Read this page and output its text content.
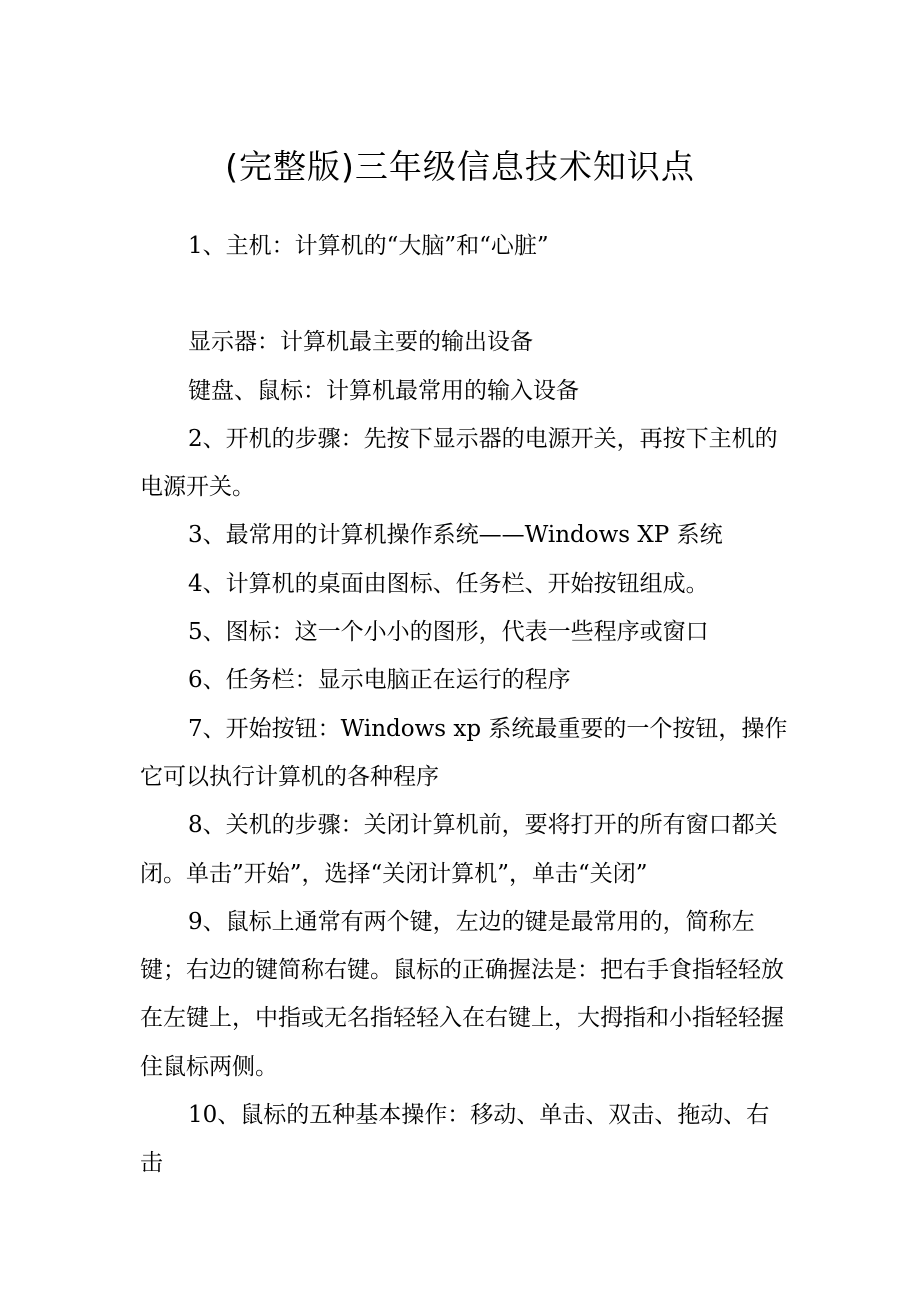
(完整版)三年级信息技术知识点

1、主机：计算机的“大脑”和“心脏”

显示器：计算机最主要的输出设备

键盘、鼠标：计算机最常用的输入设备

2、开机的步骤：先按下显示器的电源开关，再按下主机的电源开关。

3、最常用的计算机操作系统——Windows XP 系统

4、计算机的桌面由图标、任务栏、开始按钮组成。

5、图标：这一个小小的图形，代表一些程序或窗口

6、任务栏：显示电脑正在运行的程序

7、开始按钮：Windows xp 系统最重要的一个按钮，操作它可以执行计算机的各种程序

8、关机的步骤：关闭计算机前，要将打开的所有窗口都关闭。单击”开始”，选择“关闭计算机”，单击“关闭”

9、鼠标上通常有两个键，左边的键是最常用的，简称左键；右边的键简称右键。鼠标的正确握法是：把右手食指轻轻放在左键上，中指或无名指轻轻入在右键上，大拇指和小指轻轻握住鼠标两侧。

10、鼠标的五种基本操作：移动、单击、双击、拖动、右击
